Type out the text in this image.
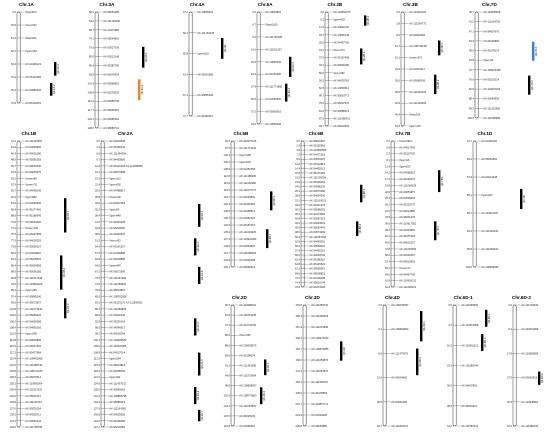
Chr.1A
0.0	Xpsp3027
46.5	Xwmc333
51.4	Xbarc263
60.1	Xgwm164
64.2	AX-94466123
70.4	AX-95121096
75.3	AX-94881036
79.9	AX-86133451
Qlt-1A.1
Qlt-1A.2
Chr.3A
58.4	AX-95651486
63.2	AX-111740460
68.7	AX-10471984
74.1	AX-95064833
79.5	AX-95027036
85.0	AX-95013148
90.4	AX-95387795
95.9	AX-95076334
101.3	AX-95885862
106.8	AX-95235035
112.2	AX-95959736
117.7	AX-95950181
123.1	AX-95980162
128.6	AX-95880710
Qlt-3A.1
Qlt-3A.2
Chr.4A
47.2	AX-10805024
50.1	AX-111740228
55.8	Xgwm610
61.4	AX-95061986
67.1	AX-95895182
72.7	AX-94469157
Qlt-4A
Chr.6A
0.0	AX-10803952
4.7	Xbarc1165
9.3	AX-111760189
14.0	AX-111011267
18.6	AX-10800345
23.3	AX-94451280
27.9	AX-111771885
32.6	AX-94652846
37.2	AX-95060016
41.9	AX-10805298
Qlt-6A.1
Qlt-6A.2
Chr.2B
0.0	AX-110862270
6.2	Xgwm429
12.5	AX-94861130
18.7	AX-10806148
25.0	AX-94497700
31.2	Xwmc474
37.5	AX-95157498
43.7	AX-94500186
50.0	Xwmc382
56.2	AX-94629765
62.5	AX-10806512
68.7	AX-95063772
75.0	AX-95207070
81.2	AX-95088074
87.5	AX-111458721
93.7	AX-94522009
Qlt-2B.1
Qlt-2B.2
Chr.3B
0.0	AX-110992341
2.8	AX-111064773
8.2	AX-94622484
13.7	AX-108746248
19.1	Xcwem372
24.6	AX-94543217
30.0	AX-95089245
35.5	AX-111020025
40.9	AX-111494063
46.4	Xbarc164
51.8	Xgwm133
Qlt-3B.1
Qlt-3B.2
Chr.7D
35.7	AX-110935608
41.2	AX-111614752
47.1	AX-94807670
53.0	AX-95126595
58.9	AX-95176074
64.8	Xgwm44
70.7	AX-108974468
76.6	AX-95216224
82.5	AX-110037404
88.4	AX-95064596
94.3	AX-111322990
100.2	AX-111508989
Qlt-7D.1
Qlt-7D.2
Chr.1B
41.2	AX-111633951
44.2	AX-94609935
46.3	AX-94626180
48.6	AX-95081055
50.7	AX-95018640
53.0	AX-94653075
55.2	Xcwem85
57.5	Xcwem70
59.7	AX-94499145
62.0	Xgwm582
64.2	AX-94665935
66.4	AX-95177466
68.6	AX-95186945
70.9	AX-95064460
73.1	Xcwem140
75.3	AX-95247839
77.5	AX-94600302
79.8	AX-95650027
82.0	AX-94609997
84.2	AX-95205525
86.4	AX-95094958
88.6	AX-95096185
90.8	AX-111617438
93.0	AX-110862429
95.2	Xgwm153
97.4	AX-95885240
99.6	AX-95075837
101.8	AX-111073230
104.0	AX-95059222
106.2	AX-94655058
108.4	AX-94860165
110.6	Xgwm268
112.8	AX-94500808
115.0	AX-95017632
117.2	AX-95477684
119.4	AX-109491065
121.6	AX-111498745
123.8	AX-108721315
126.0	AX-95076514
128.2	AX-110960004
130.4	AX-111927524
132.6	AX-95006717
134.8	AX-111120710
137.0	AX-95030104
139.2	AX-94505711
141.4	AX-94540144
143.6	AX-111708758
Qlt-1B.1
Qlt-1B.2
Qlt-1B.3
Chr.2A
0.0	AX-94623508
3.1	AX-95180442
6.6	AX-111494356
9.7	AX-94463806
12.9	AX-95121094 AX-111099658
16.1	AX-95073188
19.3	Xgwm122
22.4	Xgwm636
25.6	AX-94488817
28.8	Xcwem18
32.0	AX-94527018
35.2	Xgwm95
38.4	Xgwm448
41.6	AX-94449128
44.8	AX-95218060
48.0	AX-94463470
51.2	Xwmc453
54.4	AX-95141207
57.6	AX-94400888
60.8	AX-95009888
64.0	Xgwm445
67.2	AX-95071806
70.4	AX-111067469
73.6	AX-111059002
76.8	AX-95024816
80.0	AX-108782088
83.2	AX-95133170 AX-111834281
86.4	AX-111089826
89.6	AX-94620340
92.8	AX-95201042
96.0	AX-94546617
99.2	AX-94526094
102.4	AX-109483580
105.6	AX-110926486
108.8	AX-94527014
112.0	Xgwm294
115.2	AX-95024818
118.4	AX-94505005
121.6	Xgwm311
124.8	AX-111457022
128.0	AX-95083063
131.2	AX-108860798
134.4	AX-95080019
137.6	AX-111164285
140.8	AX-94525920
144.0	AX-95106055
147.2	AX-95219084
Qlt-2A.1
Qlt-2A.2
Qlt-2A.3
Qlt-2A.4
Qlt-2A.5
Qlt-2A.6
Qlt-2A.7
Chr.5B
94.3	AX-110937415
97.5	AX-111774143
102.3	Xgwm408
106.2	Xgwm604
108.9	AX-94452458
112.8	AX-111485295
115.6	AX-111102980
119.5	AX-111076747
124.1	AX-95229842
126.3	AX-94445452
128.5	AX-94468513
130.7	AX-94587226
132.9	AX-95187218
135.1	AX-111004225
137.3	AX-110924480
139.5	AX-94593802
141.7	AX-111698203
143.9	AX-94562468
146.1	AX-95096519
Qlt-5B.1
Qlt-5B.2
Chr.6B
0.0	AX-95010297
2.4	AX-95150960
4.8	AX-110984566
7.2	AX-94471318
9.6	AX-94516097
12.0	AX-95142853
14.4	AX-94492013
16.8	AX-95171406
19.2	AX-111106009
21.6	AX-95149262
24.0	AX-94586126
26.4	AX-94570180
28.8	AX-94654200
31.2	AX-111519021
33.6	AX-94441278
36.0	AX-95086022
38.4	AX-94474082
40.8	AX-95087013
43.2	AX-94523002
45.6	AX-95087441
48.0	AX-94574209
50.4	AX-111087092
52.8	AX-94445091
55.2	AX-95083221
57.6	AX-94461310
60.0	AX-94639702
62.4	AX-95188210
64.8	AX-95145522
67.2	AX-94590061
69.6	AX-95008815
72.0	AX-94436208
74.4	AX-95010144
76.8	AX-95173028
Qlt-6B.1
Qlt-6B.2
Chr.7B
0.0	Xwmc396.1
2.6	AX-94617543
5.3	AX-95117093
8.1	Xgwm46
11.4	Xgwm537
14.2	AX-94568210
17.0	AX-95166470
19.8	AX-111066029
22.6	AX-94654871
25.4	AX-94506003
28.2	AX-95123770
31.0	AX-94512880
33.8	AX-95091234
36.6	AX-110917552
39.4	AX-94443981
42.2	AX-95175320
45.0	AX-94620157
47.8	AX-111025483
50.6	AX-94591067
53.4	AX-95018826
56.2	Xcwem71
59.0	AX-94467790
61.8	AX-110954212
64.6	AX-111096012
Qlt-7B.1
Qlt-7B.2
Chr.1D
41.7	AX-94492230
53.4	AX-95052694
57.9	AX-94614248
65.1	Xgwm337
83.7	AX-110521947
93.4	AX-111466232
96.8	AX-111090232
103.5	AX-108969995
Qlt-1D
Chr.2D
60.3	AX-110998911
63.9	AX-111061265
72.3	AX-110744781
86.5	Xwmc453
88.0	AX-109308575
89.6	AX-95198074
91.2	AX-111461580
94.8	AX-111075604
98.8	AX-108838007
101.6	AX-108770863
104.2	AX-111067802
107.5	AX-95228440
110.8	AX-94580310
Qlt-2D.1
Qlt-2D.2
Chr.3D
153.5	AX-111583716
155.3	AX-111595319
157.9	AX-111001848
160.4	AX-109475042
162.7	AX-108970285
166.0	AX-111653873
172.3	AX-111061876
182.1	AX-111536497
195.0	AX-95178852
210.7	AX-110867171
221.9	AX-94594209
228.8	AX-95064580
Qlt-3D
Chr.4D
0.0	AX-108794597
6.1	AX-108910604
8.9	AX-111479376
13.6	AX-95604495
26.5	AX-94846155
32.7	AX-111818131
Qlt-4D.1
Qlt-4D.2
Chr.6D-1
0.0	AX-111548065
3.7	AX-110919968
16.2	AX-110991121
25.3	AX-111089744
30.6	AX-94637802
38.5	AX-95063321
44.0	AX-111587212
Qlt-6D.1
Qlt-6D.2
Chr.6D-2
0.0	AX-111729949
8.1	AX-110931096
17.8	AX-110969834
27.5	AX-95060318
36.3	AX-110948501
43.2	AX-111589706
Qlt-6D.3
